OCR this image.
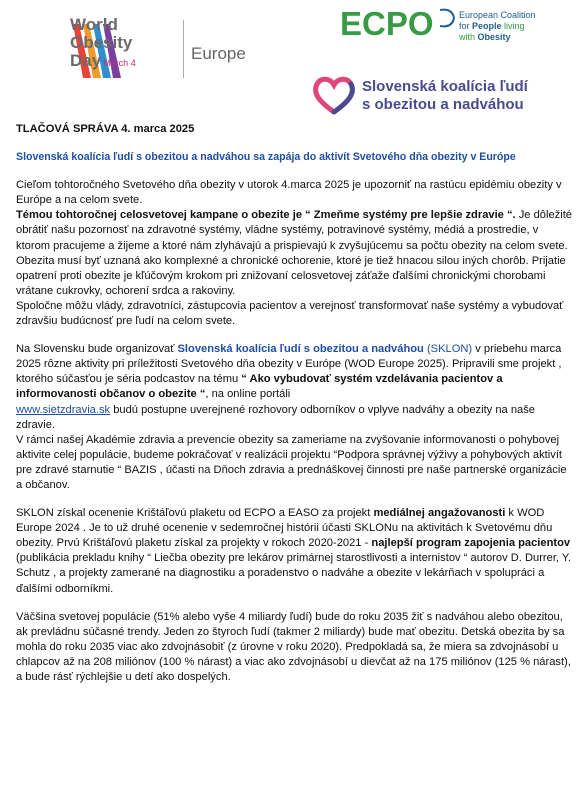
World
Obesity
Day March 4	Europe
ECPO	European Coalition
for People living
with Obesity
Slovenská koalícia ľudí
s obezitou a nadváhou

TLAČOVÁ SPRÁVA 4. marca 2025

Slovenská koalícia ľudí s obezitou a nadváhou sa zapája do aktivít Svetového dňa obezity v Európe

Cieľom tohtoročného Svetového dňa obezity v utorok 4.marca 2025 je upozorniť na rastúcu epidémiu obezity v Európe a na celom svete.
Témou tohtoročnej celosvetovej kampane o obezite je “ Zmeňme systémy pre lepšie zdravie “. Je dôležité obrátiť našu pozornosť na zdravotné systémy, vládne systémy, potravinové systémy, médiá a prostredie, v ktorom pracujeme a žijeme a ktoré nám zlyhávajú a prispievajú k zvyšujúcemu sa počtu obezity na celom svete.
Obezita musí byť uznaná ako komplexné a chronické ochorenie, ktoré je tiež hnacou silou iných chorôb. Prijatie opatrení proti obezite je kľúčovým krokom pri znižovaní celosvetovej záťaže ďalšími chronickými chorobami vrátane cukrovky, ochorení srdca a rakoviny.
Spoločne môžu vlády, zdravotníci, zástupcovia pacientov a verejnosť transformovať naše systémy a vybudovať zdravšiu budúcnosť pre ľudí na celom svete.

Na Slovensku bude organizovať Slovenská koalícia ľudí s obezitou a nadváhou (SKLON) v priebehu marca 2025 rôzne aktivity pri príležitosti Svetového dňa obezity v Európe (WOD Europe 2025). Pripravili sme projekt , ktorého súčasťou je séria podcastov na tému “ Ako vybudovať systém vzdelávania pacientov a informovanosti občanov o obezite “, na online portáli
www.sietzdravia.sk budú postupne uverejnené rozhovory odborníkov o vplyve nadváhy a obezity na naše zdravie.
V rámci našej Akadémie zdravia a prevencie obezity sa zameriame na zvyšovanie informovanosti o pohybovej aktivite celej populácie, budeme pokračovať v realizácii projektu “Podpora správnej výživy a pohybových aktivít pre zdravé starnutie “ BAZIS , účasti na Dňoch zdravia a prednáškovej činnosti pre naše partnerské organizácie a občanov.

SKLON získal ocenenie Krištáľovú plaketu od ECPO a EASO za projekt mediálnej angažovanosti k WOD Europe 2024 . Je to už druhé ocenenie v sedemročnej histórii účasti SKLONu na aktivitách k Svetovému dňu obezity. Prvú Krištáľovú plaketu získal za projekty v rokoch 2020-2021 - najlepší program zapojenia pacientov (publikácia prekladu knihy “ Liečba obezity pre lekárov primárnej starostlivosti a internistov “ autorov D. Durrer, Y. Schutz , a projekty zamerané na diagnostiku a poradenstvo o nadváhe a obezite v lekárňach v spolupráci a ďalšími odborníkmi.

Väčšina svetovej populácie (51% alebo vyše 4 miliardy ľudí) bude do roku 2035 žiť s nadváhou alebo obezitou, ak prevládnu súčasné trendy. Jeden zo štyroch ľudí (takmer 2 miliardy) bude mať obezitu. Detská obezita by sa mohla do roku 2035 viac ako zdvojnásobiť (z úrovne v roku 2020). Predpokladá sa, že miera sa zdvojnásobí u chlapcov až na 208 miliónov (100 % nárast) a viac ako zdvojnásobí u dievčat až na 175 miliónov (125 % nárast), a bude rásť rýchlejšie u detí ako dospelých.
